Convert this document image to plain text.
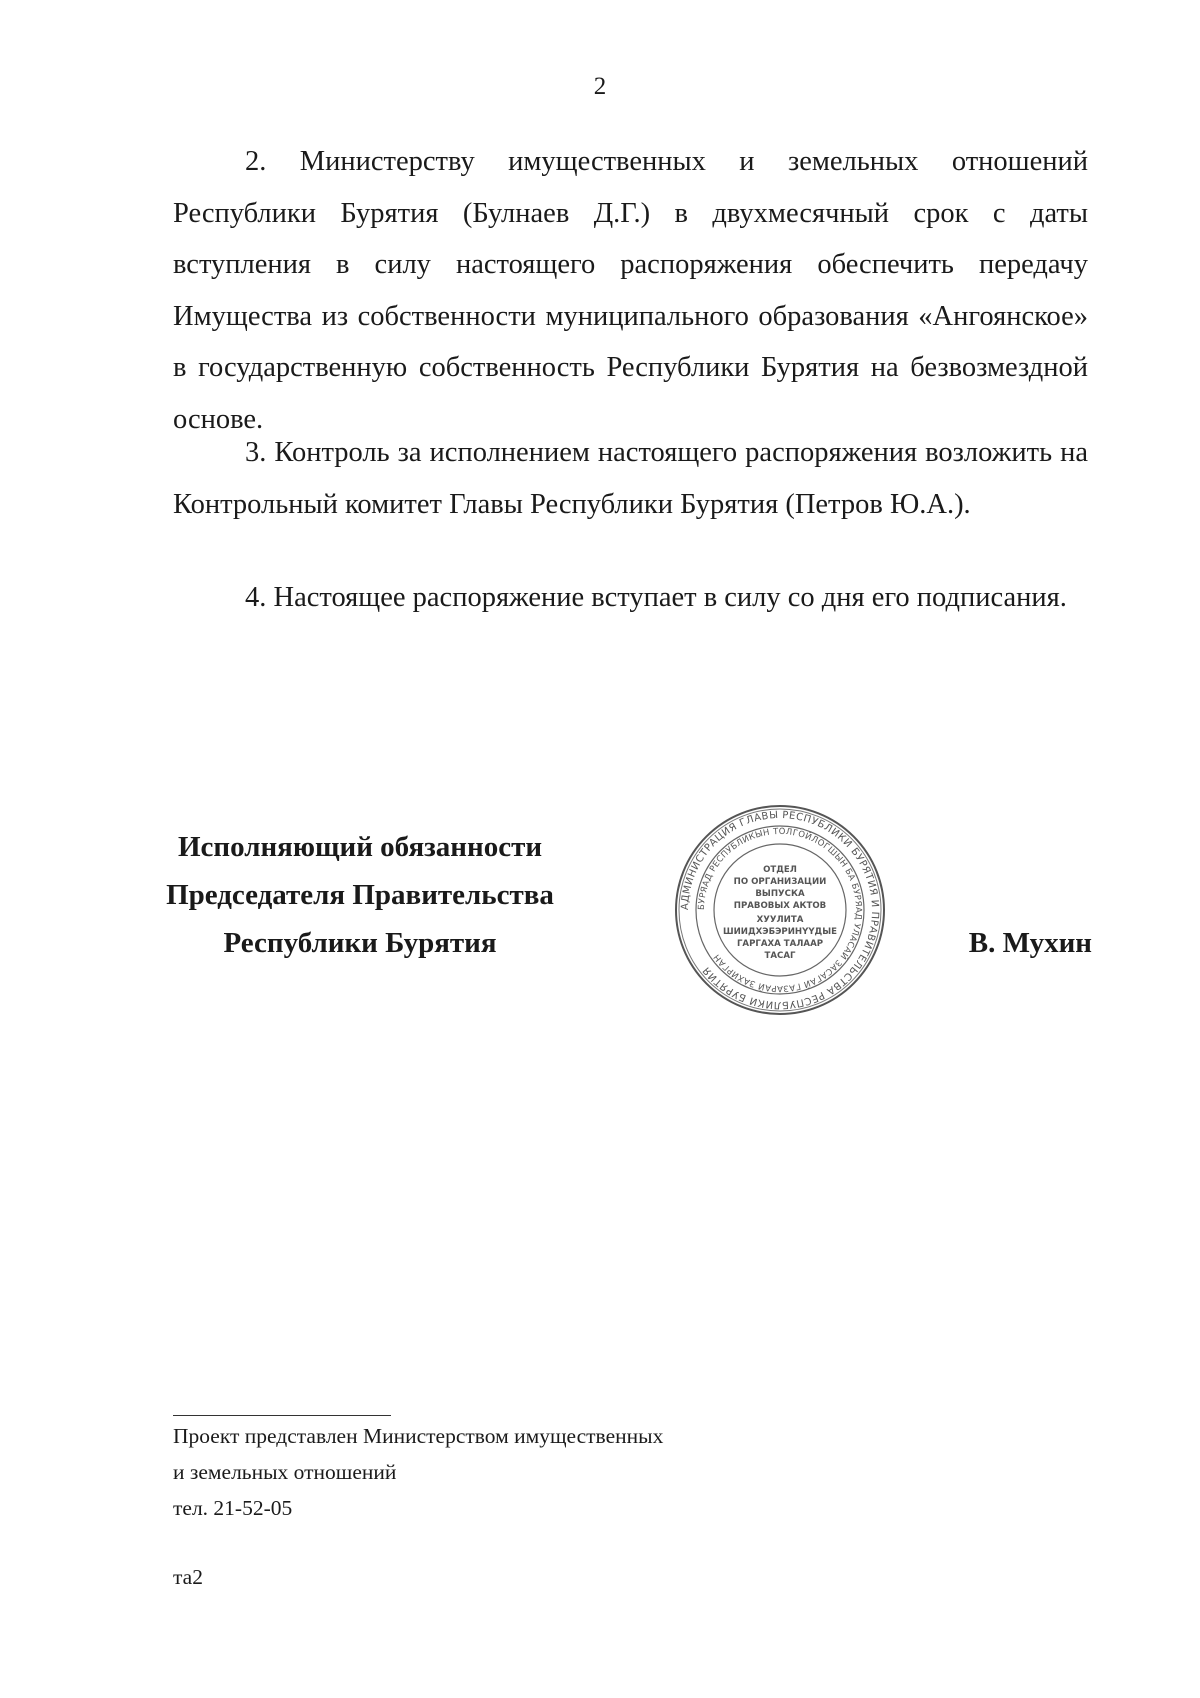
2

2. Министерству имущественных и земельных отношений Республики Бурятия (Булнаев Д.Г.) в двухмесячный срок с даты вступления в силу настоящего распоряжения обеспечить передачу Имущества из собственности муниципального образования «Ангоянское» в государственную собственность Республики Бурятия на безвозмездной основе.

3. Контроль за исполнением настоящего распоряжения возложить на Контрольный комитет Главы Республики Бурятия (Петров Ю.А.).

4. Настоящее распоряжение вступает в силу со дня его подписания.

Исполняющий обязанности
Председателя Правительства
Республики Бурятия
АДМИНИСТРАЦИЯ ГЛАВЫ РЕСПУБЛИКИ БУРЯТИЯ И ПРАВИТЕЛЬСТВА РЕСПУБЛИКИ БУРЯТИЯ
БУРЯАД РЕСПУБЛИКЫН ТОЛГОЙЛОГШЫН БА БУРЯАД УЛАСАЙ ЗАСАГАЙ ГАЗАРАЙ ЗАХИРГАН
ОТДЕЛ
ПО ОРГАНИЗАЦИИ
ВЫПУСКА
ПРАВОВЫХ АКТОВ
ХУУЛИТА
ШИИДХЭБЭРИНҮҮДЫЕ
ГАРГАХА ТАЛААР
ТАСАГ	В. Мухин
Проект представлен Министерством имущественных
и земельных отношений
тел. 21-52-05
та2
